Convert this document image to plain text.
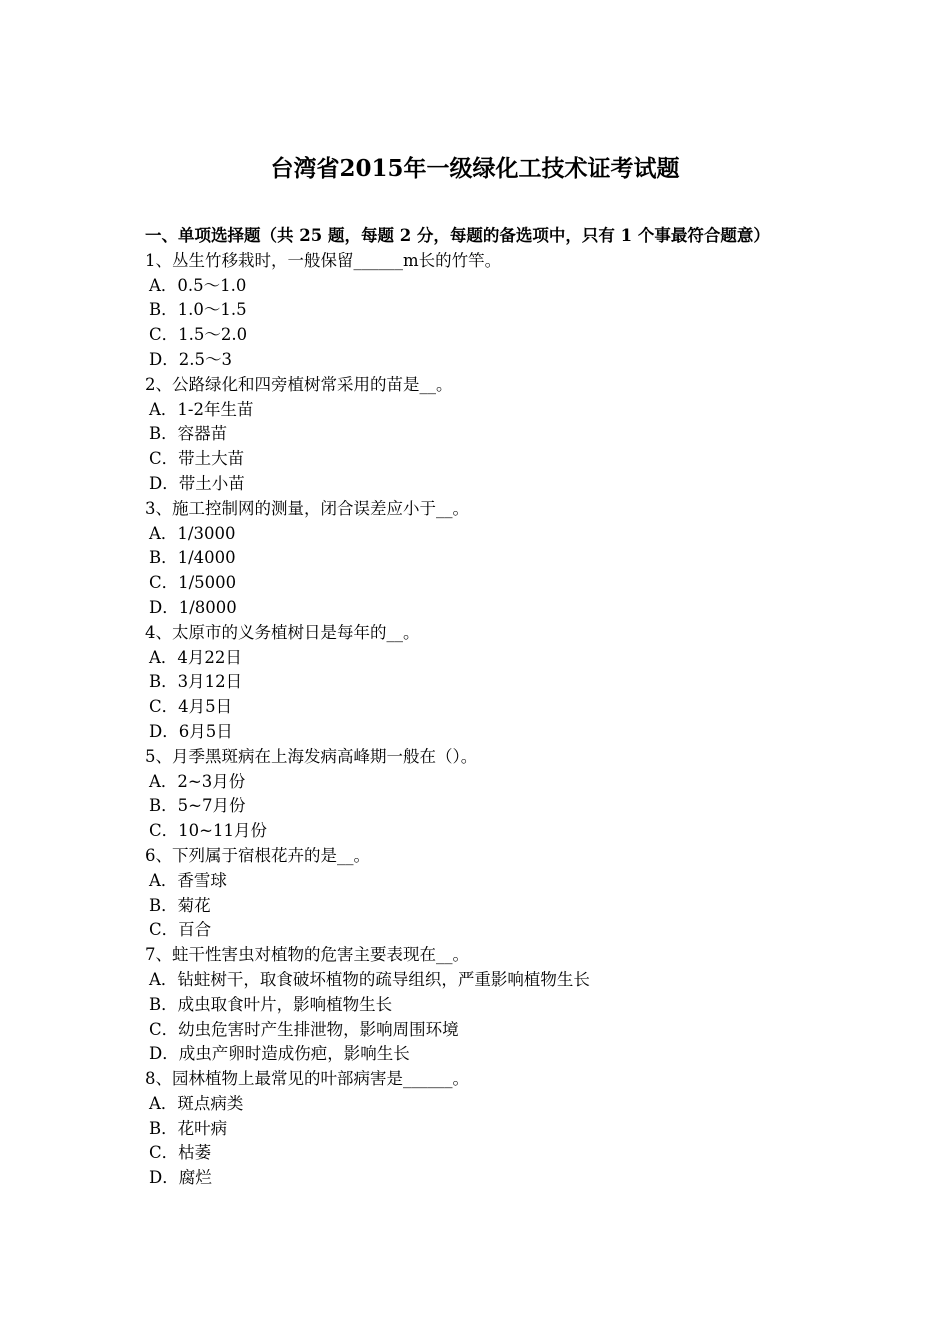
台湾省2015年一级绿化工技术证考试题
一、单项选择题（共 25 题，每题 2 分，每题的备选项中，只有 1 个事最符合题意）
1、丛生竹移栽时，一般保留______m长的竹竿。
A．0.5～1.0
B．1.0～1.5
C．1.5～2.0
D．2.5～3
2、公路绿化和四旁植树常采用的苗是__。
A．1-2年生苗
B．容器苗
C．带土大苗
D．带土小苗
3、施工控制网的测量，闭合误差应小于__。
A．1/3000
B．1/4000
C．1/5000
D．1/8000
4、太原市的义务植树日是每年的__。
A．4月22日
B．3月12日
C．4月5日
D．6月5日
5、月季黑斑病在上海发病高峰期一般在（）。
A．2~3月份
B．5~7月份
C．10~11月份
6、下列属于宿根花卉的是__。
A．香雪球
B．菊花
C．百合
7、蛀干性害虫对植物的危害主要表现在__。
A．钻蛀树干，取食破坏植物的疏导组织，严重影响植物生长
B．成虫取食叶片，影响植物生长
C．幼虫危害时产生排泄物，影响周围环境
D．成虫产卵时造成伤疤，影响生长
8、园林植物上最常见的叶部病害是______。
A．斑点病类
B．花叶病
C．枯萎
D．腐烂
